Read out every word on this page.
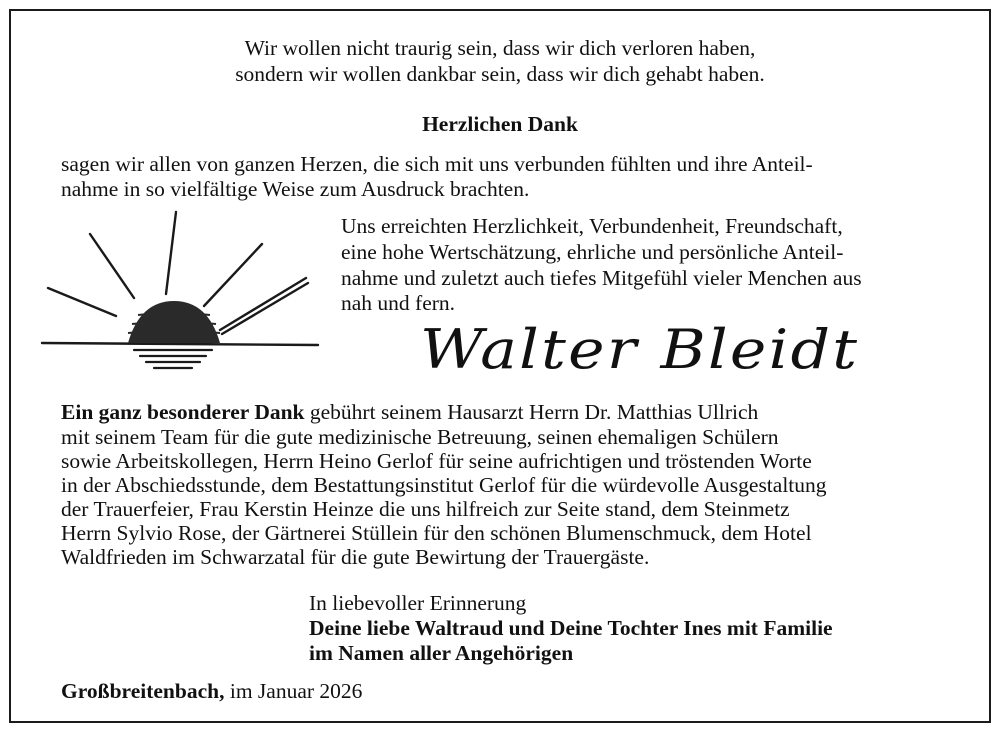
Wir wollen nicht traurig sein, dass wir dich verloren haben,
sondern wir wollen dankbar sein, dass wir dich gehabt haben.
Herzlichen Dank
sagen wir allen von ganzen Herzen, die sich mit uns verbunden fühlten und ihre Anteil-
nahme in so vielfältige Weise zum Ausdruck brachten.
Uns erreichten Herzlichkeit, Verbundenheit, Freundschaft,
eine hohe Wertschätzung, ehrliche und persönliche Anteil-
nahme und zuletzt auch tiefes Mitgefühl vieler Menchen aus
nah und fern.
Walter Bleidt
Ein ganz besonderer Dank gebührt seinem Hausarzt Herrn Dr. Matthias Ullrich
mit seinem Team für die gute medizinische Betreuung, seinen ehemaligen Schülern
sowie Arbeitskollegen, Herrn Heino Gerlof für seine aufrichtigen und tröstenden Worte
in der Abschiedsstunde, dem Bestattungsinstitut Gerlof für die würdevolle Ausgestaltung
der Trauerfeier, Frau Kerstin Heinze die uns hilfreich zur Seite stand, dem Steinmetz
Herrn Sylvio Rose, der Gärtnerei Stüllein für den schönen Blumenschmuck, dem Hotel
Waldfrieden im Schwarzatal für die gute Bewirtung der Trauergäste.
In liebevoller Erinnerung
Deine liebe Waltraud und Deine Tochter Ines mit Familie
im Namen aller Angehörigen
Großbreitenbach, im Januar 2026
